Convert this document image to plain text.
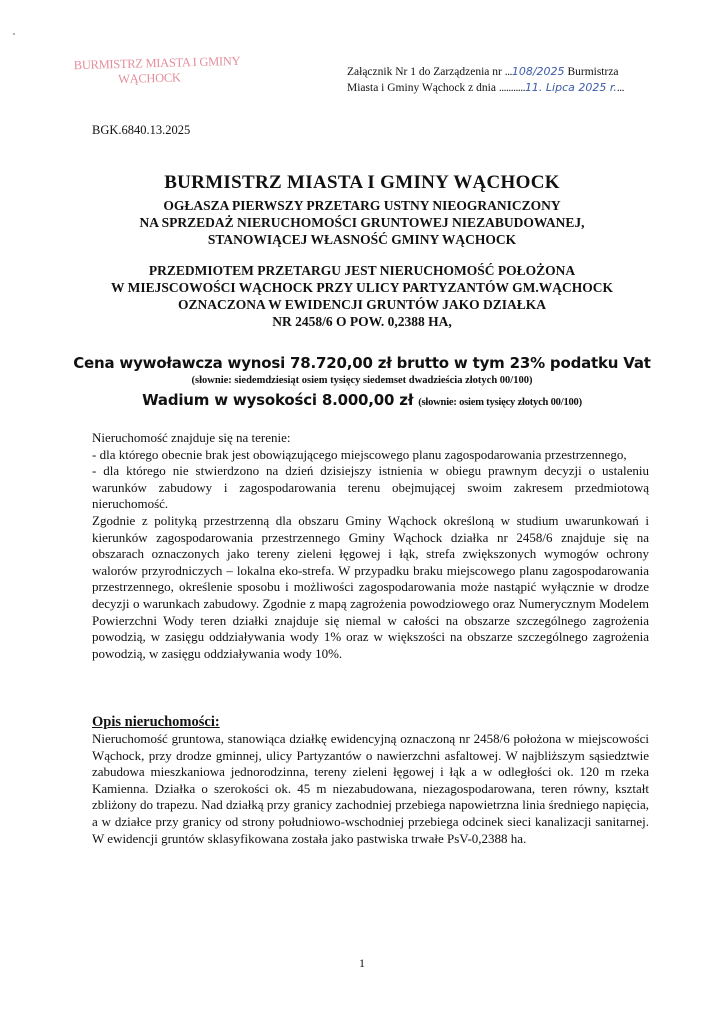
BURMISTRZ MIASTA I GMINY
WĄCHOCK	Załącznik Nr 1 do Zarządzenia nr ...108/2025 Burmistrza
Miasta i Gminy Wąchock z dnia ...........11. Lipca 2025 r....
BGK.6840.13.2025
BURMISTRZ MIASTA I GMINY WĄCHOCK
OGŁASZA PIERWSZY PRZETARG USTNY NIEOGRANICZONY
NA SPRZEDAŻ NIERUCHOMOŚCI GRUNTOWEJ NIEZABUDOWANEJ,
STANOWIĄCEJ WŁASNOŚĆ GMINY WĄCHOCK
PRZEDMIOTEM PRZETARGU JEST NIERUCHOMOŚĆ POŁOŻONA
W MIEJSCOWOŚCI WĄCHOCK PRZY ULICY PARTYZANTÓW GM.WĄCHOCK
OZNACZONA W EWIDENCJI GRUNTÓW JAKO DZIAŁKA
NR 2458/6 O POW. 0,2388 HA,
Cena wywoławcza wynosi 78.720,00 zł brutto w tym 23% podatku Vat
(słownie: siedemdziesiąt osiem tysięcy siedemset dwadzieścia złotych 00/100)
Wadium w wysokości 8.000,00 zł (słownie: osiem tysięcy złotych 00/100)

Nieruchomość znajduje się na terenie:

- dla którego obecnie brak jest obowiązującego miejscowego planu zagospodarowania przestrzennego,

- dla którego nie stwierdzono na dzień dzisiejszy istnienia w obiegu prawnym decyzji o ustaleniu warunków zabudowy i zagospodarowania terenu obejmującej swoim zakresem przedmiotową nieruchomość.

Zgodnie z polityką przestrzenną dla obszaru Gminy Wąchock określoną w studium uwarunkowań i kierunków zagospodarowania przestrzennego Gminy Wąchock działka nr 2458/6 znajduje się na obszarach oznaczonych jako tereny zieleni łęgowej i łąk, strefa zwiększonych wymogów ochrony walorów przyrodniczych – lokalna eko-strefa. W przypadku braku miejscowego planu zagospodarowania przestrzennego, określenie sposobu i możliwości zagospodarowania może nastąpić wyłącznie w drodze decyzji o warunkach zabudowy. Zgodnie z mapą zagrożenia powodziowego oraz Numerycznym Modelem Powierzchni Wody teren działki znajduje się niemal w całości na obszarze szczególnego zagrożenia powodzią, w zasięgu oddziaływania wody 1% oraz w większości na obszarze szczególnego zagrożenia powodzią, w zasięgu oddziaływania wody 10%.

Opis nieruchomości:

Nieruchomość gruntowa, stanowiąca działkę ewidencyjną oznaczoną nr 2458/6 położona w miejscowości Wąchock, przy drodze gminnej, ulicy Partyzantów o nawierzchni asfaltowej. W najbliższym sąsiedztwie zabudowa mieszkaniowa jednorodzinna, tereny zieleni łęgowej i łąk a w odległości ok. 120 m rzeka Kamienna. Działka o szerokości ok. 45 m niezabudowana, niezagospodarowana, teren równy, kształt zbliżony do trapezu. Nad działką przy granicy zachodniej przebiega napowietrzna linia średniego napięcia, a w działce przy granicy od strony południowo-wschodniej przebiega odcinek sieci kanalizacji sanitarnej. W ewidencji gruntów sklasyfikowana została jako pastwiska trwałe PsV-0,2388 ha.

1
